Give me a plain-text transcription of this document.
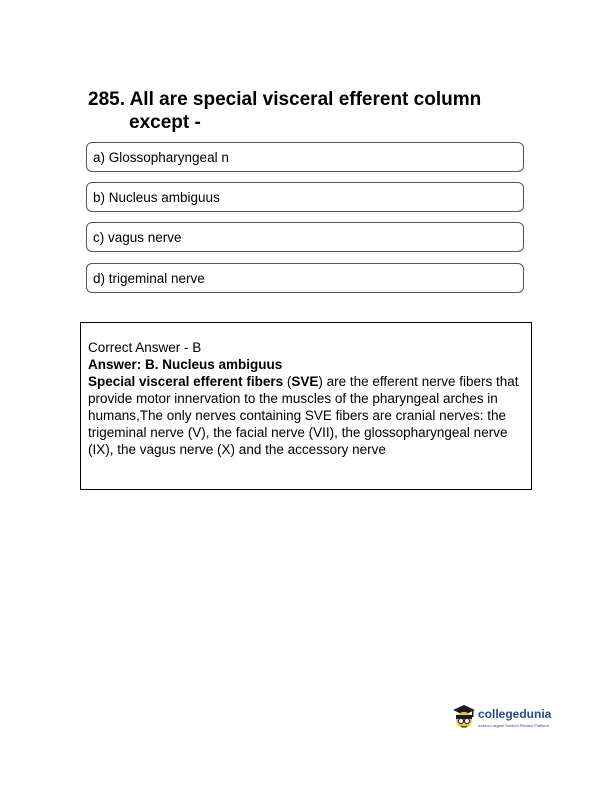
285. All are special visceral efferent column
except -
a) Glossopharyngeal n
b) Nucleus ambiguus
c) vagus nerve
d) trigeminal nerve
Correct Answer - B
Answer: B. Nucleus ambiguus
Special visceral efferent fibers (SVE) are the efferent nerve fibers that provide motor innervation to the muscles of the pharyngeal arches in humans,The only nerves containing SVE fibers are cranial nerves: the trigeminal nerve (V), the facial nerve (VII), the glossopharyngeal nerve (IX), the vagus nerve (X) and the accessory nerve
collegedunia
India's Largest Student Review Platform
